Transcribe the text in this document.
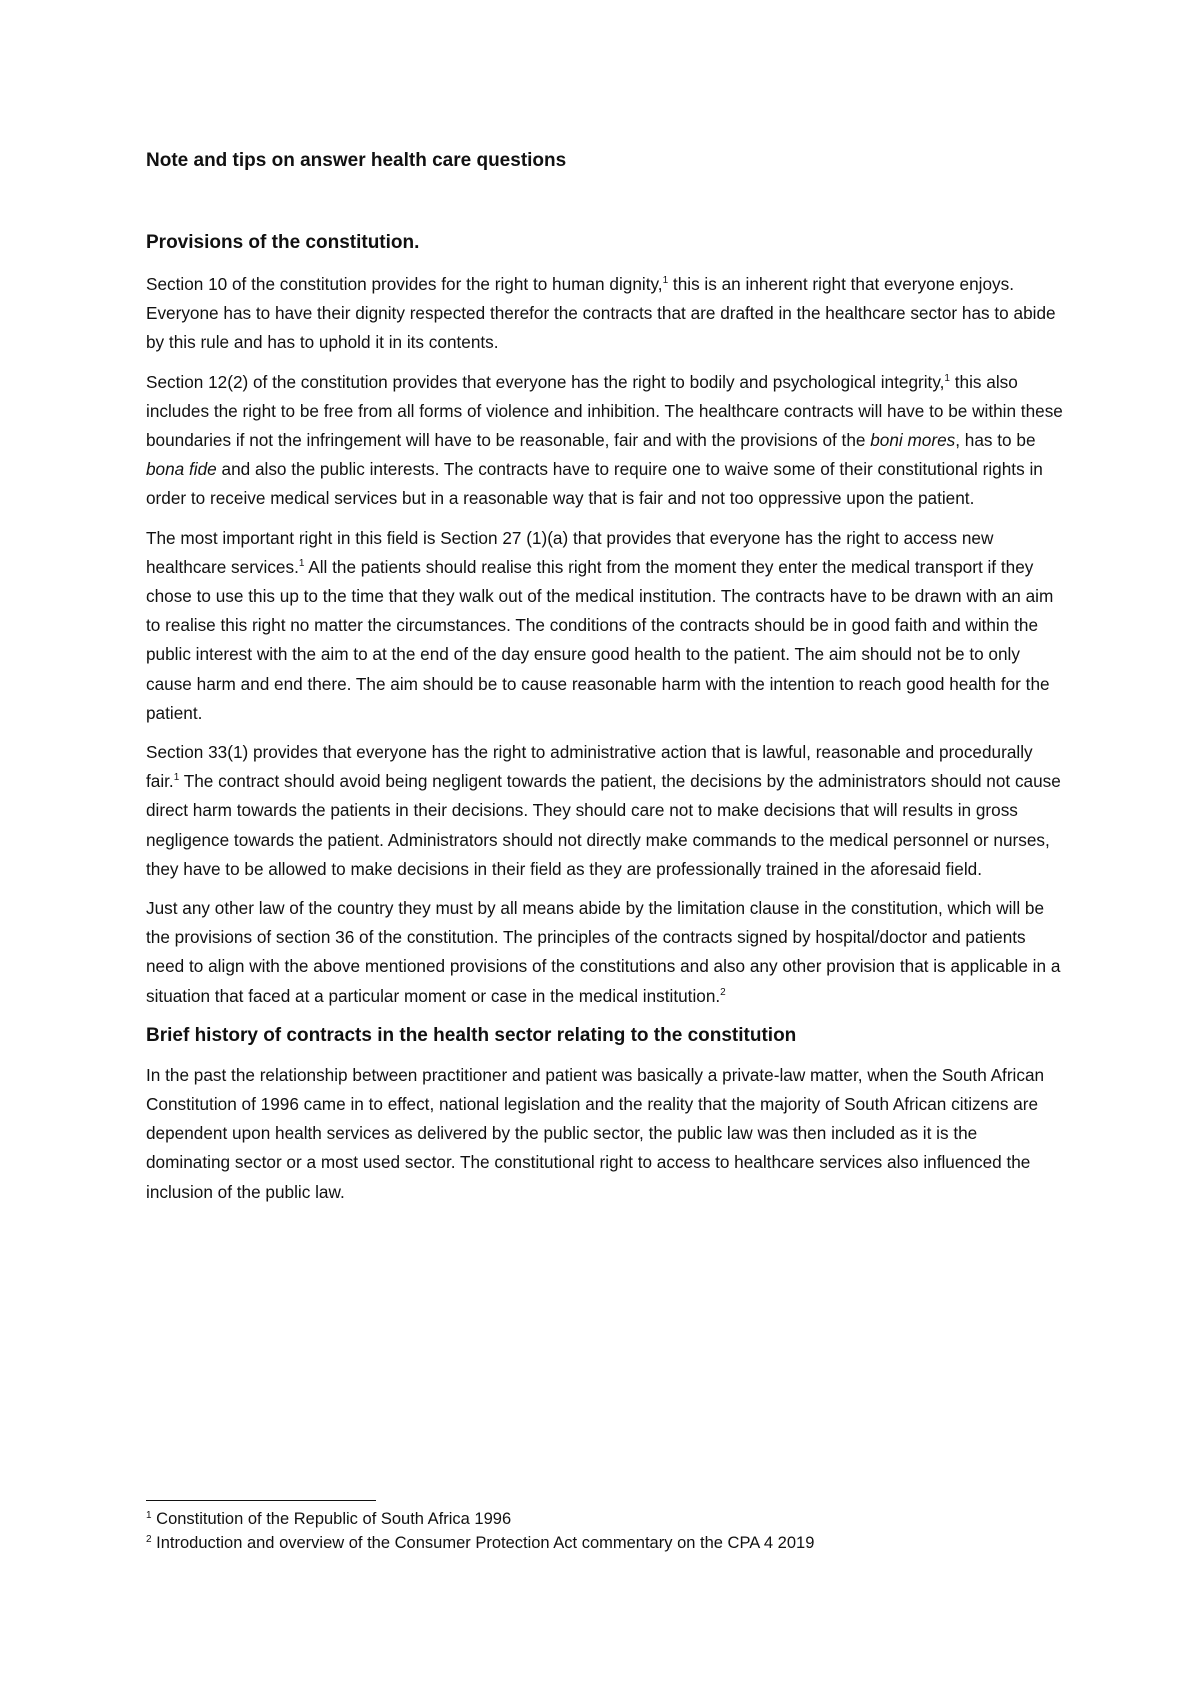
Note and tips on answer health care questions
Provisions of the constitution.

Section 10 of the constitution provides for the right to human dignity,$^1$ this is an inherent right that everyone enjoys. Everyone has to have their dignity respected therefor the contracts that are drafted in the healthcare sector has to abide by this rule and has to uphold it in its contents.

Section 12(2) of the constitution provides that everyone has the right to bodily and psychological integrity,$^1$ this also includes the right to be free from all forms of violence and inhibition. The healthcare contracts will have to be within these boundaries if not the infringement will have to be reasonable, fair and with the provisions of the boni mores, has to be bona fide and also the public interests. The contracts have to require one to waive some of their constitutional rights in order to receive medical services but in a reasonable way that is fair and not too oppressive upon the patient.

The most important right in this field is Section 27 (1)(a) that provides that everyone has the right to access new healthcare services.$^1$ All the patients should realise this right from the moment they enter the medical transport if they chose to use this up to the time that they walk out of the medical institution. The contracts have to be drawn with an aim to realise this right no matter the circumstances. The conditions of the contracts should be in good faith and within the public interest with the aim to at the end of the day ensure good health to the patient. The aim should not be to only cause harm and end there. The aim should be to cause reasonable harm with the intention to reach good health for the patient.

Section 33(1) provides that everyone has the right to administrative action that is lawful, reasonable and procedurally fair.$^1$ The contract should avoid being negligent towards the patient, the decisions by the administrators should not cause direct harm towards the patients in their decisions. They should care not to make decisions that will results in gross negligence towards the patient. Administrators should not directly make commands to the medical personnel or nurses, they have to be allowed to make decisions in their field as they are professionally trained in the aforesaid field.

Just any other law of the country they must by all means abide by the limitation clause in the constitution, which will be the provisions of section 36 of the constitution. The principles of the contracts signed by hospital/doctor and patients need to align with the above mentioned provisions of the constitutions and also any other provision that is applicable in a situation that faced at a particular moment or case in the medical institution.$^2$

Brief history of contracts in the health sector relating to the constitution

In the past the relationship between practitioner and patient was basically a private-law matter, when the South African Constitution of 1996 came in to effect, national legislation and the reality that the majority of South African citizens are dependent upon health services as delivered by the public sector, the public law was then included as it is the dominating sector or a most used sector. The constitutional right to access to healthcare services also influenced the inclusion of the public law.

$^1$ Constitution of the Republic of South Africa 1996

$^2$ Introduction and overview of the Consumer Protection Act commentary on the CPA 4 2019
